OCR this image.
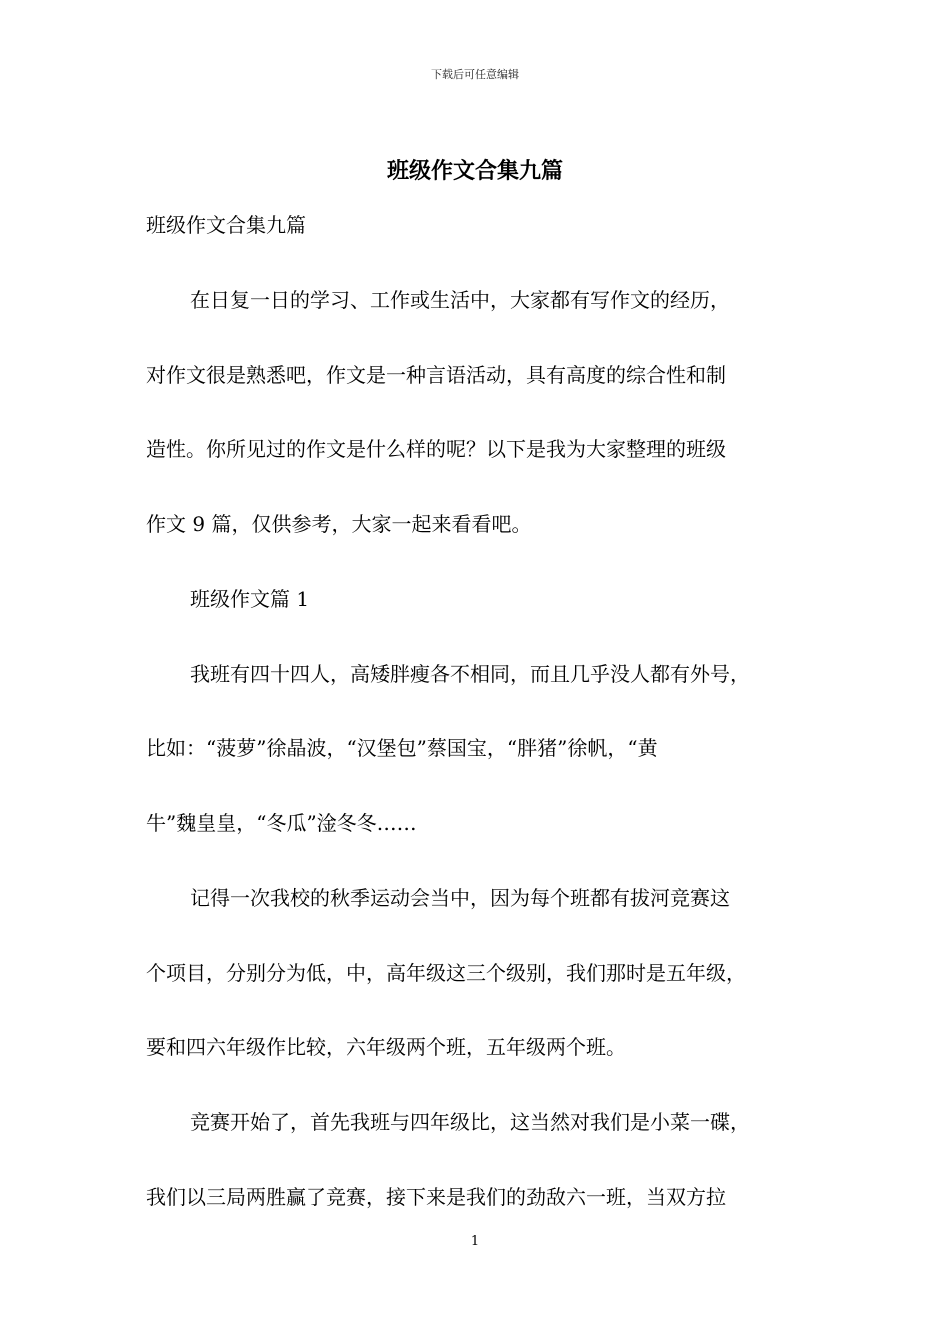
下载后可任意编辑
班级作文合集九篇

班级作文合集九篇

在日复一日的学习、工作或生活中，大家都有写作文的经历，

对作文很是熟悉吧，作文是一种言语活动，具有高度的综合性和制

造性。你所见过的作文是什么样的呢？以下是我为大家整理的班级

作文 9 篇，仅供参考，大家一起来看看吧。

班级作文篇 1

我班有四十四人，高矮胖瘦各不相同，而且几乎没人都有外号，

比如：“菠萝”徐晶波，“汉堡包”蔡国宝，“胖猪”徐帆，“黄

牛”魏皇皇，“冬瓜”淦冬冬……

记得一次我校的秋季运动会当中，因为每个班都有拔河竞赛这

个项目，分别分为低，中，高年级这三个级别，我们那时是五年级，

要和四六年级作比较，六年级两个班，五年级两个班。

竞赛开始了，首先我班与四年级比，这当然对我们是小菜一碟，

我们以三局两胜赢了竞赛，接下来是我们的劲敌六一班，当双方拉

1
